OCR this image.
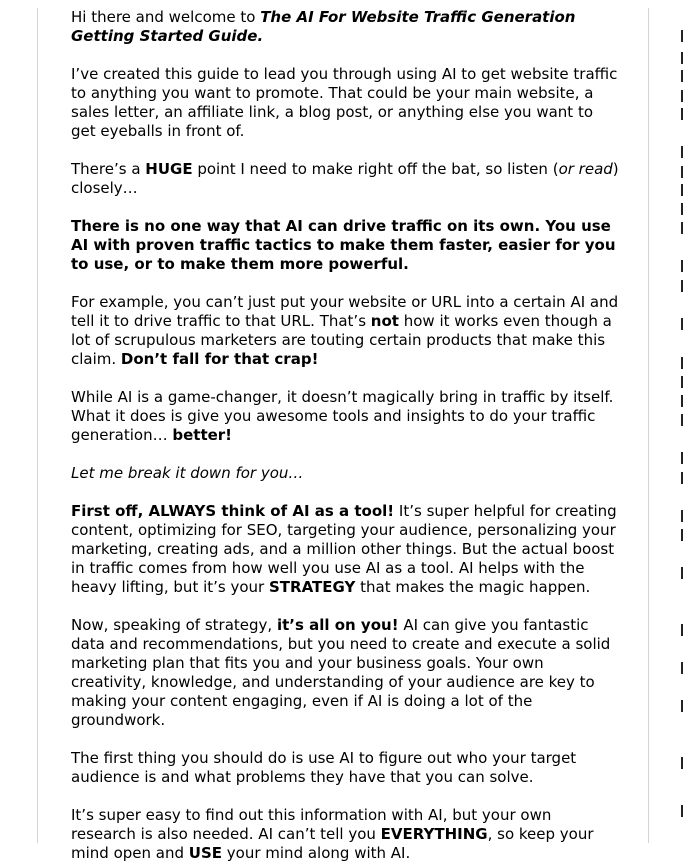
Hi there and welcome to The AI For Website Traffic Generation Getting Started Guide.

I’ve created this guide to lead you through using AI to get website traffic to anything you want to promote. That could be your main website, a sales letter, an affiliate link, a blog post, or anything else you want to get eyeballs in front of.

There’s a HUGE point I need to make right off the bat, so listen (or read) closely…

There is no one way that AI can drive traffic on its own. You use AI with proven traffic tactics to make them faster, easier for you to use, or to make them more powerful.

For example, you can’t just put your website or URL into a certain AI and tell it to drive traffic to that URL. That’s not how it works even though a lot of scrupulous marketers are touting certain products that make this claim. Don’t fall for that crap!

While AI is a game-changer, it doesn’t magically bring in traffic by itself. What it does is give you awesome tools and insights to do your traffic generation… better!

Let me break it down for you…

First off, ALWAYS think of AI as a tool! It’s super helpful for creating content, optimizing for SEO, targeting your audience, personalizing your marketing, creating ads, and a million other things. But the actual boost in traffic comes from how well you use AI as a tool. AI helps with the heavy lifting, but it’s your STRATEGY that makes the magic happen.

Now, speaking of strategy, it’s all on you! AI can give you fantastic data and recommendations, but you need to create and execute a solid marketing plan that fits you and your business goals. Your own creativity, knowledge, and understanding of your audience are key to making your content engaging, even if AI is doing a lot of the groundwork.

The first thing you should do is use AI to figure out who your target audience is and what problems they have that you can solve.

It’s super easy to find out this information with AI, but your own research is also needed. AI can’t tell you EVERYTHING, so keep your mind open and USE your mind along with AI.
